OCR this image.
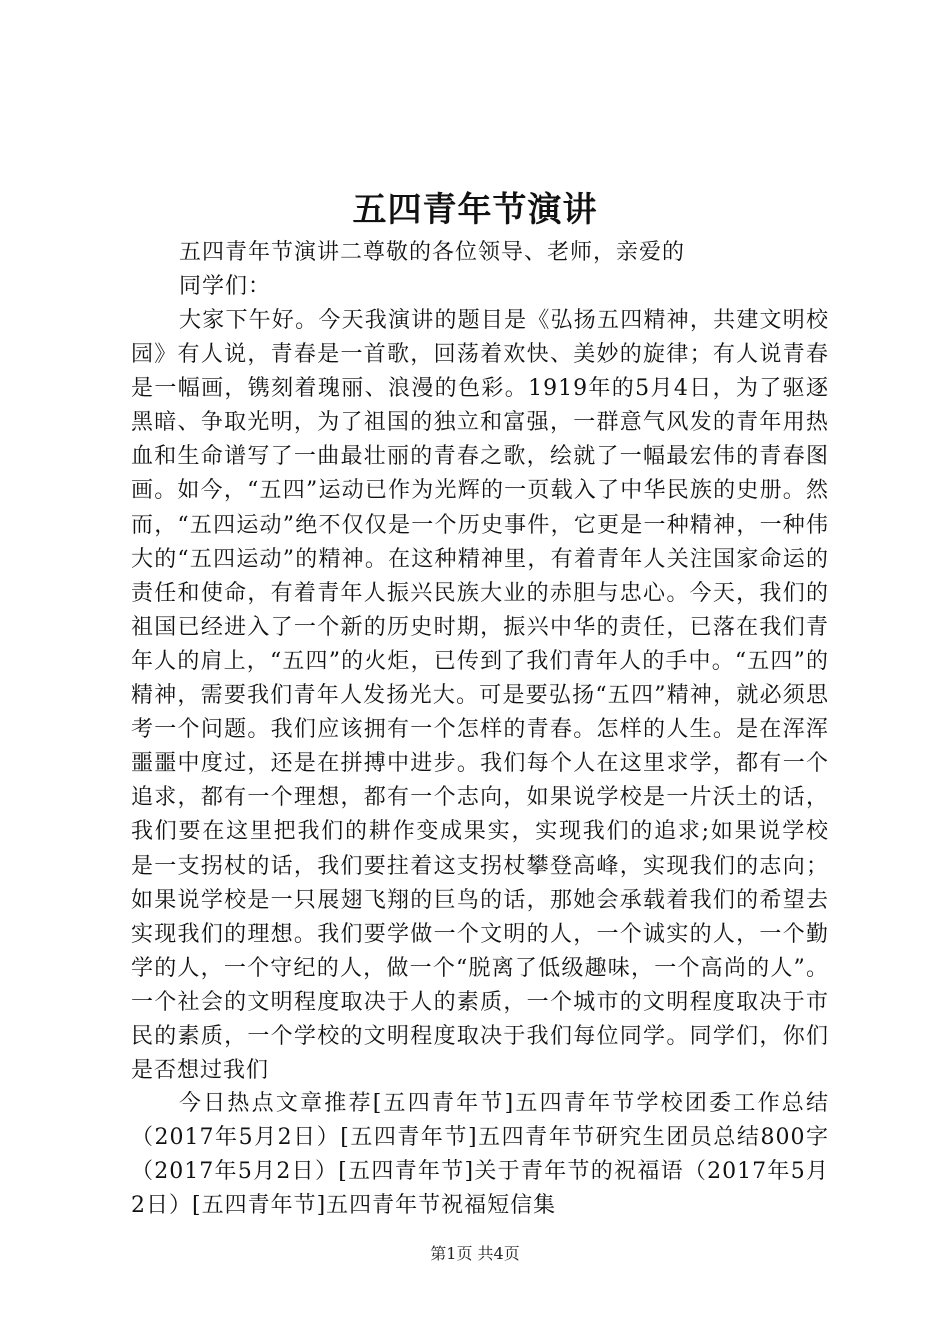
五四青年节演讲
五四青年节演讲二尊敬的各位领导、老师，亲爱的
同学们：
大家下午好。今天我演讲的题目是《弘扬五四精神，共建文明校园》有人说，青春是一首歌，回荡着欢快、美妙的旋律；有人说青春是一幅画，镌刻着瑰丽、浪漫的色彩。1919年的5月4日，为了驱逐黑暗、争取光明，为了祖国的独立和富强，一群意气风发的青年用热血和生命谱写了一曲最壮丽的青春之歌，绘就了一幅最宏伟的青春图画。如今，“五四”运动已作为光辉的一页载入了中华民族的史册。然而，“五四运动”绝不仅仅是一个历史事件，它更是一种精神，一种伟大的“五四运动”的精神。在这种精神里，有着青年人关注国家命运的责任和使命，有着青年人振兴民族大业的赤胆与忠心。今天，我们的祖国已经进入了一个新的历史时期，振兴中华的责任，已落在我们青年人的肩上，“五四”的火炬，已传到了我们青年人的手中。“五四”的精神，需要我们青年人发扬光大。可是要弘扬“五四”精神，就必须思考一个问题。我们应该拥有一个怎样的青春。怎样的人生。是在浑浑噩噩中度过，还是在拼搏中进步。我们每个人在这里求学，都有一个追求，都有一个理想，都有一个志向，如果说学校是一片沃土的话，我们要在这里把我们的耕作变成果实，实现我们的追求;如果说学校是一支拐杖的话，我们要拄着这支拐杖攀登高峰，实现我们的志向；如果说学校是一只展翅飞翔的巨鸟的话，那她会承载着我们的希望去实现我们的理想。我们要学做一个文明的人，一个诚实的人，一个勤学的人，一个守纪的人，做一个“脱离了低级趣味，一个高尚的人”。一个社会的文明程度取决于人的素质，一个城市的文明程度取决于市民的素质，一个学校的文明程度取决于我们每位同学。同学们，你们是否想过我们
今日热点文章推荐[五四青年节]五四青年节学校团委工作总结（2017年5月2日）[五四青年节]五四青年节研究生团员总结800字（2017年5月2日）[五四青年节]关于青年节的祝福语（2017年5月2日）[五四青年节]五四青年节祝福短信集
第1页 共4页
